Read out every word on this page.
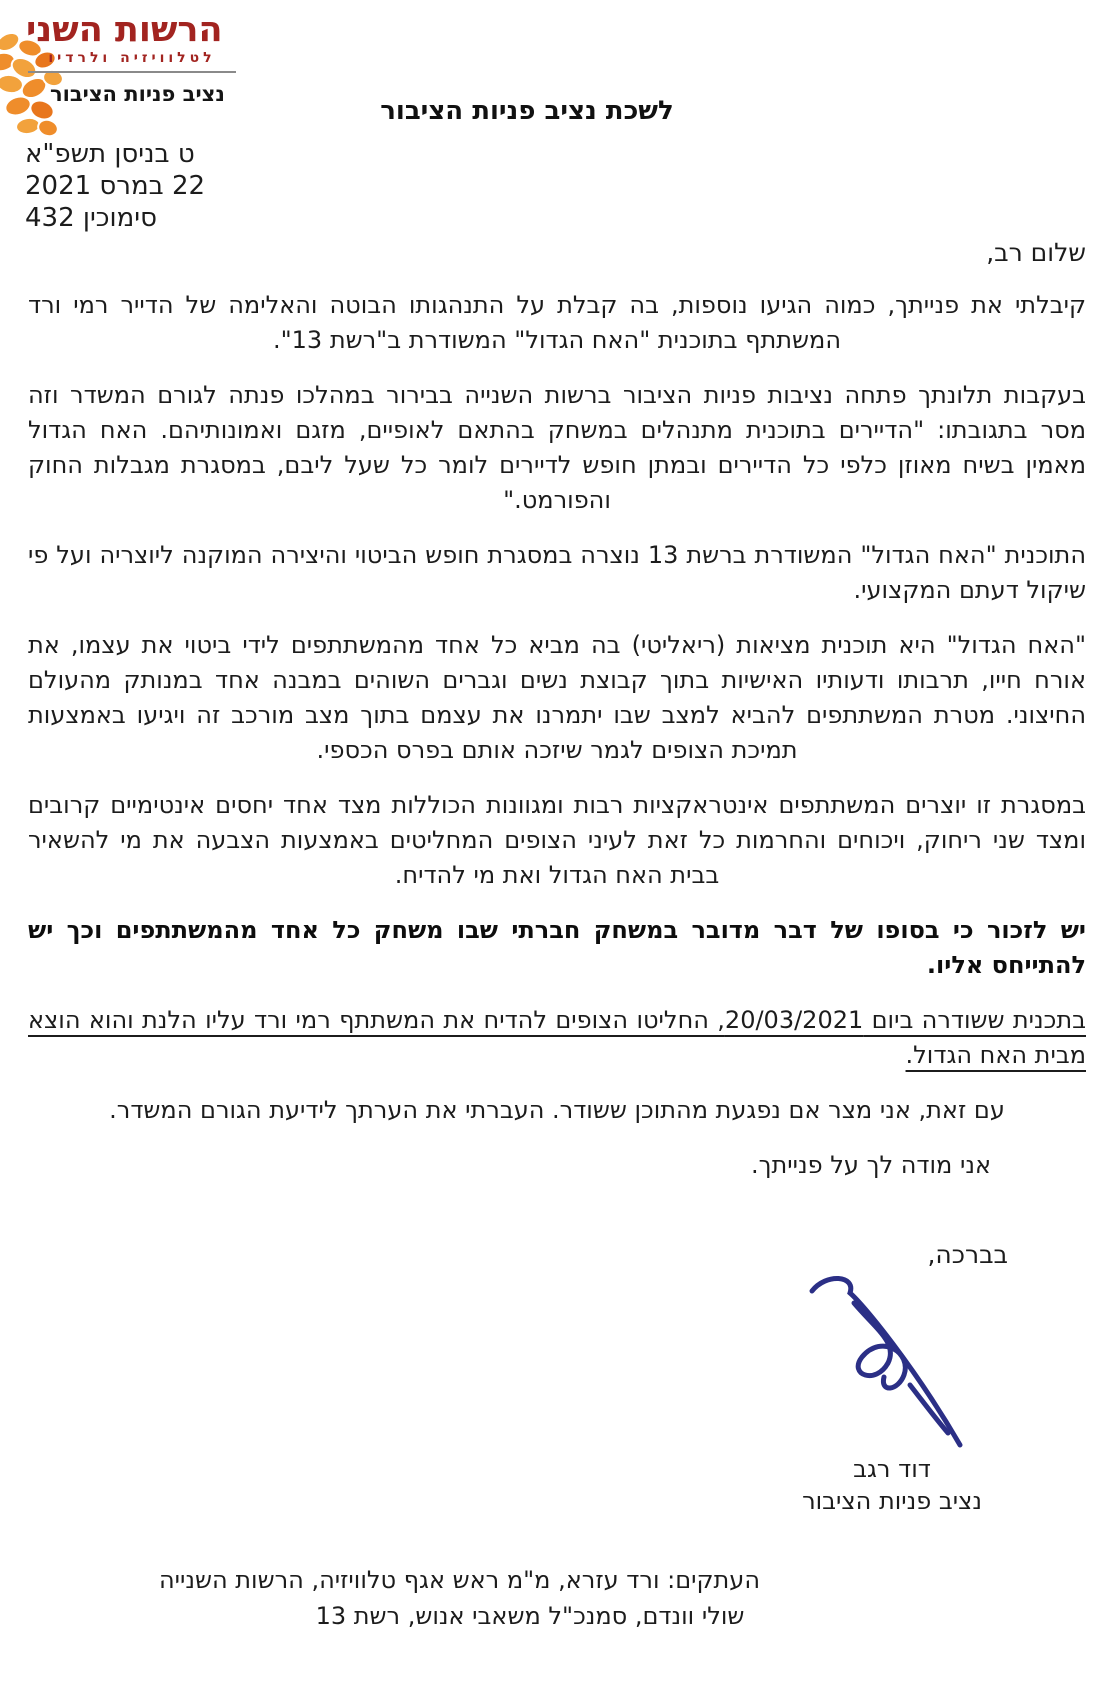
הרשות השני
לטלוויזיה ולרדיו
נציב פניות הציבור
לשכת נציב פניות הציבור
ט בניסן תשפ"א
22 במרס 2021
סימוכין 432

שלום רב,

קיבלתי את פנייתך, כמוה הגיעו נוספות, בה קבלת על התנהגותו הבוטה והאלימה של הדייר רמי ורד המשתתף בתוכנית "האח הגדול" המשודרת ב"רשת 13".

בעקבות תלונתך פתחה נציבות פניות הציבור ברשות השנייה בבירור במהלכו פנתה לגורם המשדר וזה מסר בתגובתו: "הדיירים בתוכנית מתנהלים במשחק בהתאם לאופיים, מזגם ואמונותיהם. האח הגדול מאמין בשיח מאוזן כלפי כל הדיירים ובמתן חופש לדיירים לומר כל שעל ליבם, במסגרת מגבלות החוק והפורמט."

התוכנית "האח הגדול" המשודרת ברשת 13 נוצרה במסגרת חופש הביטוי והיצירה המוקנה ליוצריה ועל פי שיקול דעתם המקצועי.

"האח הגדול" היא תוכנית מציאות (ריאליטי) בה מביא כל אחד מהמשתתפים לידי ביטוי את עצמו, את אורח חייו, תרבותו ודעותיו האישיות בתוך קבוצת נשים וגברים השוהים במבנה אחד במנותק מהעולם החיצוני. מטרת המשתתפים להביא למצב שבו יתמרנו את עצמם בתוך מצב מורכב זה ויגיעו באמצעות תמיכת הצופים לגמר שיזכה אותם בפרס הכספי.

במסגרת זו יוצרים המשתתפים אינטראקציות רבות ומגוונות הכוללות מצד אחד יחסים אינטימיים קרובים ומצד שני ריחוק, ויכוחים והחרמות כל זאת לעיני הצופים המחליטים באמצעות הצבעה את מי להשאיר בבית האח הגדול ואת מי להדיח.

יש לזכור כי בסופו של דבר מדובר במשחק חברתי שבו משחק כל אחד מהמשתתפים וכך יש להתייחס אליו.

בתכנית ששודרה ביום 20/03/2021, החליטו הצופים להדיח את המשתתף רמי ורד עליו הלנת והוא הוצא מבית האח הגדול.

עם זאת, אני מצר אם נפגעת מהתוכן ששודר. העברתי את הערתך לידיעת הגורם המשדר.

אני מודה לך על פנייתך.

בברכה,
דוד רגב
נציב פניות הציבור
העתקים: ורד עזרא, מ"מ ראש אגף טלוויזיה, הרשות השנייה
שולי וונדם, סמנכ"ל משאבי אנוש, רשת 13
